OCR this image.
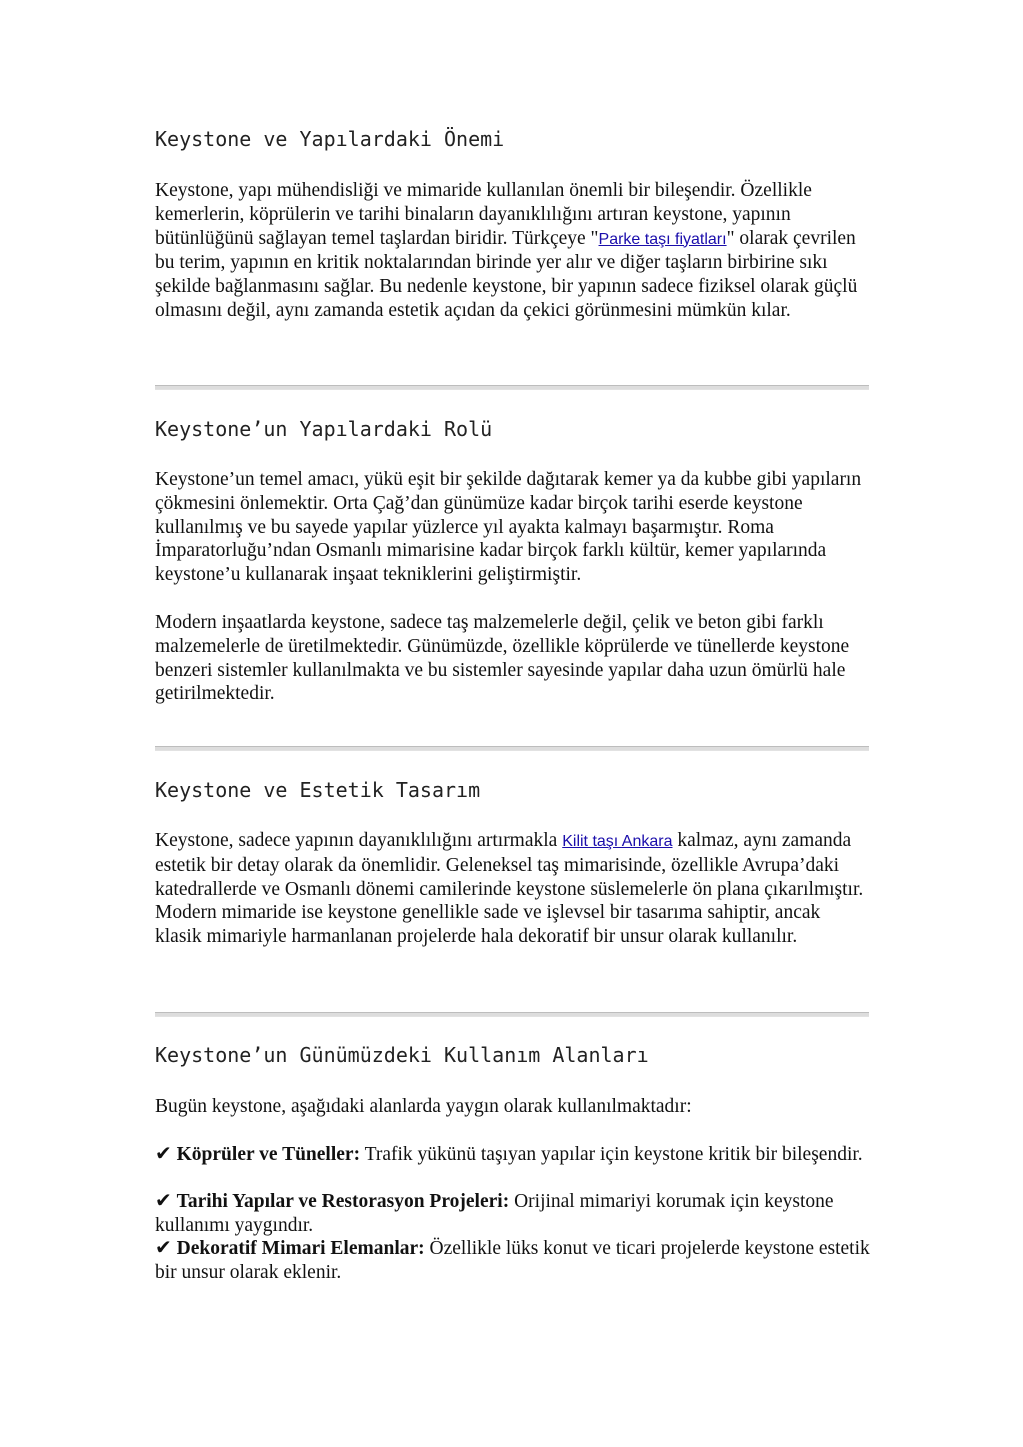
Keystone ve Yapılardaki Önemi

Keystone, yapı mühendisliği ve mimaride kullanılan önemli bir bileşendir. Özellikle kemerlerin, köprülerin ve tarihi binaların dayanıklılığını artıran keystone, yapının bütünlüğünü sağlayan temel taşlardan biridir. Türkçeye "Parke taşı fiyatları" olarak çevrilen bu terim, yapının en kritik noktalarından birinde yer alır ve diğer taşların birbirine sıkı şekilde bağlanmasını sağlar. Bu nedenle keystone, bir yapının sadece fiziksel olarak güçlü olmasını değil, aynı zamanda estetik açıdan da çekici görünmesini mümkün kılar.

Keystone’un Yapılardaki Rolü

Keystone’un temel amacı, yükü eşit bir şekilde dağıtarak kemer ya da kubbe gibi yapıların çökmesini önlemektir. Orta Çağ’dan günümüze kadar birçok tarihi eserde keystone kullanılmış ve bu sayede yapılar yüzlerce yıl ayakta kalmayı başarmıştır. Roma İmparatorluğu’ndan Osmanlı mimarisine kadar birçok farklı kültür, kemer yapılarında keystone’u kullanarak inşaat tekniklerini geliştirmiştir.

Modern inşaatlarda keystone, sadece taş malzemelerle değil, çelik ve beton gibi farklı malzemelerle de üretilmektedir. Günümüzde, özellikle köprülerde ve tünellerde keystone benzeri sistemler kullanılmakta ve bu sistemler sayesinde yapılar daha uzun ömürlü hale getirilmektedir.

Keystone ve Estetik Tasarım

Keystone, sadece yapının dayanıklılığını artırmakla Kilit taşı Ankara kalmaz, aynı zamanda estetik bir detay olarak da önemlidir. Geleneksel taş mimarisinde, özellikle Avrupa’daki katedrallerde ve Osmanlı dönemi camilerinde keystone süslemelerle ön plana çıkarılmıştır. Modern mimaride ise keystone genellikle sade ve işlevsel bir tasarıma sahiptir, ancak klasik mimariyle harmanlanan projelerde hala dekoratif bir unsur olarak kullanılır.

Keystone’un Günümüzdeki Kullanım Alanları

Bugün keystone, aşağıdaki alanlarda yaygın olarak kullanılmaktadır:

✔ Köprüler ve Tüneller: Trafik yükünü taşıyan yapılar için keystone kritik bir bileşendir.

✔ Tarihi Yapılar ve Restorasyon Projeleri: Orijinal mimariyi korumak için keystone kullanımı yaygındır.

✔ Dekoratif Mimari Elemanlar: Özellikle lüks konut ve ticari projelerde keystone estetik bir unsur olarak eklenir.
